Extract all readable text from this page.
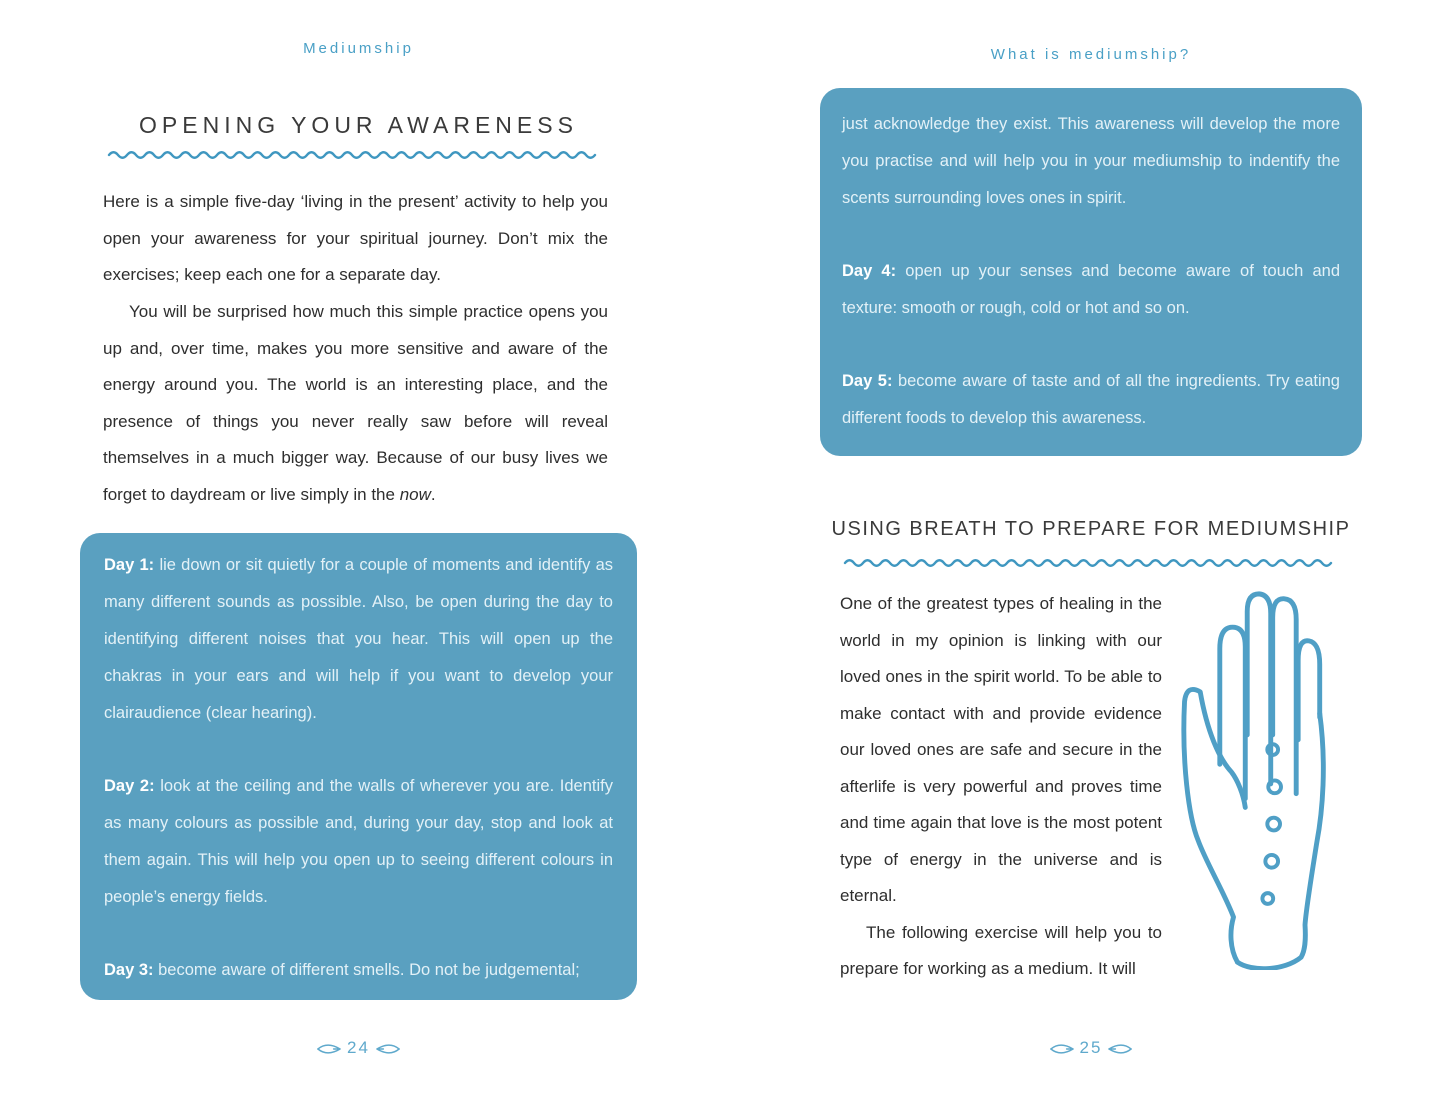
Mediumship
OPENING YOUR AWARENESS

Here is a simple five-day ‘living in the present’ activity to help you open your awareness for your spiritual journey. Don’t mix the exercises; keep each one for a separate day.

You will be surprised how much this simple practice opens you up and, over time, makes you more sensitive and aware of the energy around you. The world is an interesting place, and the presence of things you never really saw before will reveal themselves in a much bigger way. Because of our busy lives we forget to daydream or live simply in the now.

Day 1: lie down or sit quietly for a couple of moments and identify as many different sounds as possible. Also, be open during the day to identifying different noises that you hear. This will open up the chakras in your ears and will help if you want to develop your clairaudience (clear hearing).

Day 2: look at the ceiling and the walls of wherever you are. Identify as many colours as possible and, during your day, stop and look at them again. This will help you open up to seeing different colours in people’s energy fields.

Day 3: become aware of different smells. Do not be judgemental;

24
What is mediumship?

just acknowledge they exist. This awareness will develop the more you practise and will help you in your mediumship to indentify the scents surrounding loves ones in spirit.

Day 4: open up your senses and become aware of touch and texture: smooth or rough, cold or hot and so on.

Day 5: become aware of taste and of all the ingredients. Try eating different foods to develop this awareness.

USING BREATH TO PREPARE FOR MEDIUMSHIP

One of the greatest types of healing in the world in my opinion is linking with our loved ones in the spirit world. To be able to make contact with and provide evidence our loved ones are safe and secure in the afterlife is very powerful and proves time and time again that love is the most potent type of energy in the universe and is eternal.

The following exercise will help you to prepare for working as a medium. It will

25
